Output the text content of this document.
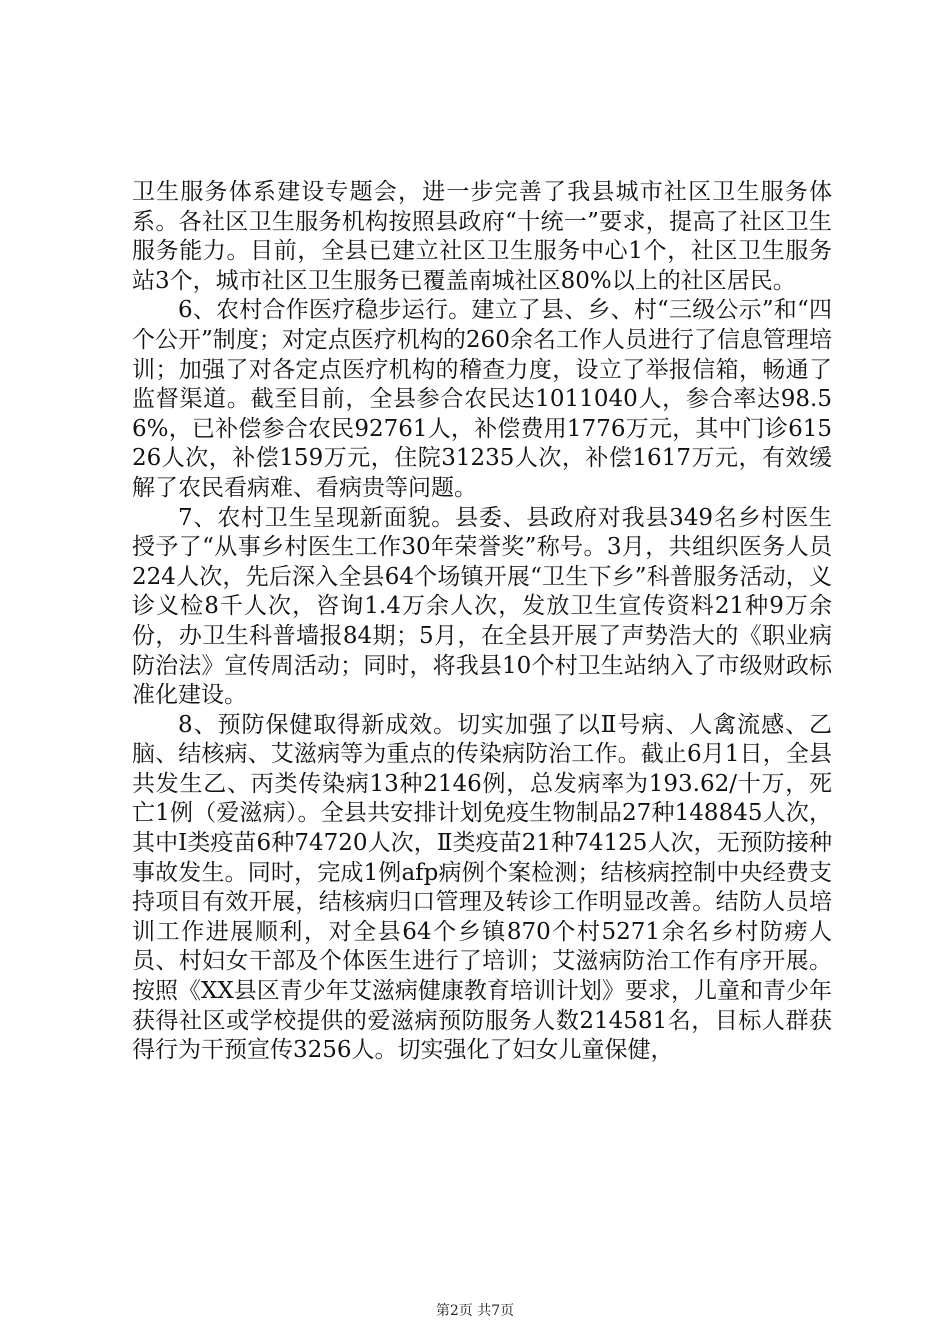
卫生服务体系建设专题会，进一步完善了我县城市社区卫生服务体系。各社区卫生服务机构按照县政府“十统一”要求，提高了社区卫生服务能力。目前，全县已建立社区卫生服务中心1个，社区卫生服务站3个，城市社区卫生服务已覆盖南城社区80%以上的社区居民。

6、农村合作医疗稳步运行。建立了县、乡、村“三级公示”和“四个公开”制度；对定点医疗机构的260余名工作人员进行了信息管理培训；加强了对各定点医疗机构的稽查力度，设立了举报信箱，畅通了监督渠道。截至目前，全县参合农民达1011040人，参合率达98.56%，已补偿参合农民92761人，补偿费用1776万元，其中门诊61526人次，补偿159万元，住院31235人次，补偿1617万元，有效缓解了农民看病难、看病贵等问题。

7、农村卫生呈现新面貌。县委、县政府对我县349名乡村医生授予了“从事乡村医生工作30年荣誉奖”称号。3月，共组织医务人员224人次，先后深入全县64个场镇开展“卫生下乡”科普服务活动，义诊义检8千人次，咨询1.4万余人次，发放卫生宣传资料21种9万余份，办卫生科普墙报84期；5月，在全县开展了声势浩大的《职业病防治法》宣传周活动；同时，将我县10个村卫生站纳入了市级财政标准化建设。

8、预防保健取得新成效。切实加强了以Ⅱ号病、人禽流感、乙脑、结核病、艾滋病等为重点的传染病防治工作。截止6月1日，全县共发生乙、丙类传染病13种2146例，总发病率为193.62/十万，死亡1例（爱滋病）。全县共安排计划免疫生物制品27种148845人次，其中Ⅰ类疫苗6种74720人次，Ⅱ类疫苗21种74125人次，无预防接种事故发生。同时，完成1例afp病例个案检测；结核病控制中央经费支持项目有效开展，结核病归口管理及转诊工作明显改善。结防人员培训工作进展顺利，对全县64个乡镇870个村5271余名乡村防痨人员、村妇女干部及个体医生进行了培训；艾滋病防治工作有序开展。按照《XX县区青少年艾滋病健康教育培训计划》要求，儿童和青少年获得社区或学校提供的爱滋病预防服务人数214581名，目标人群获得行为干预宣传3256人。切实强化了妇女儿童保健，

第2页 共7页
